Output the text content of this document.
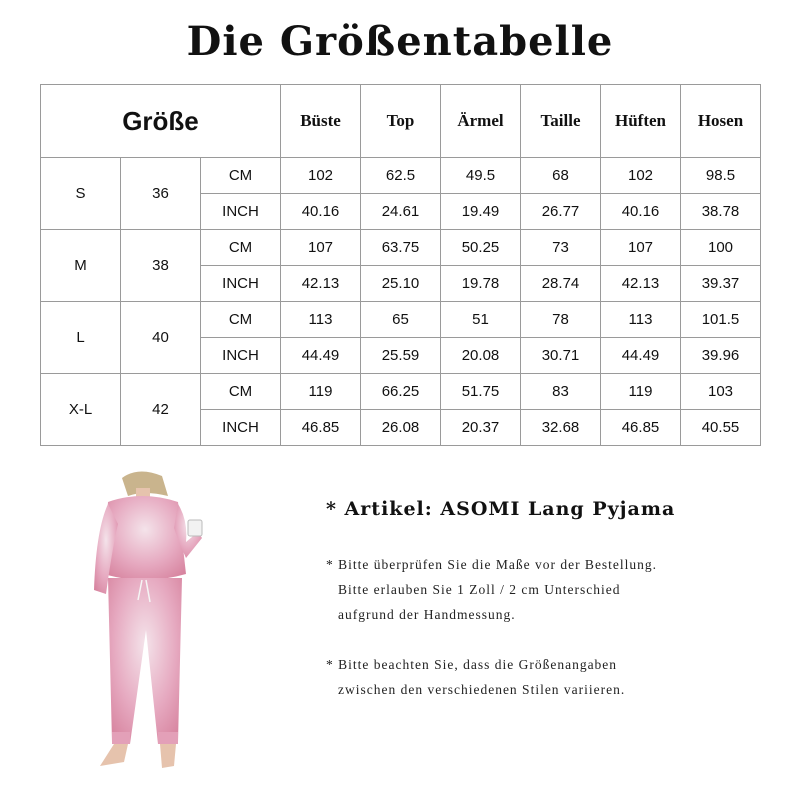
Die Größentabelle
Größe			Büste	Top	Ärmel	Taille	Hüften	Hosen
S	36	CM	102	62.5	49.5	68	102	98.5
		INCH	40.16	24.61	19.49	26.77	40.16	38.78
M	38	CM	107	63.75	50.25	73	107	100
		INCH	42.13	25.10	19.78	28.74	42.13	39.37
L	40	CM	113	65	51	78	113	101.5
		INCH	44.49	25.59	20.08	30.71	44.49	39.96
X-L	42	CM	119	66.25	51.75	83	119	103
		INCH	46.85	26.08	20.37	32.68	46.85	40.55
* Artikel: ASOMI Lang Pyjama
* Bitte überprüfen Sie die Maße vor der Bestellung.
Bitte erlauben Sie 1 Zoll / 2 cm Unterschied
aufgrund der Handmessung.
* Bitte beachten Sie, dass die Größenangaben
zwischen den verschiedenen Stilen variieren.
